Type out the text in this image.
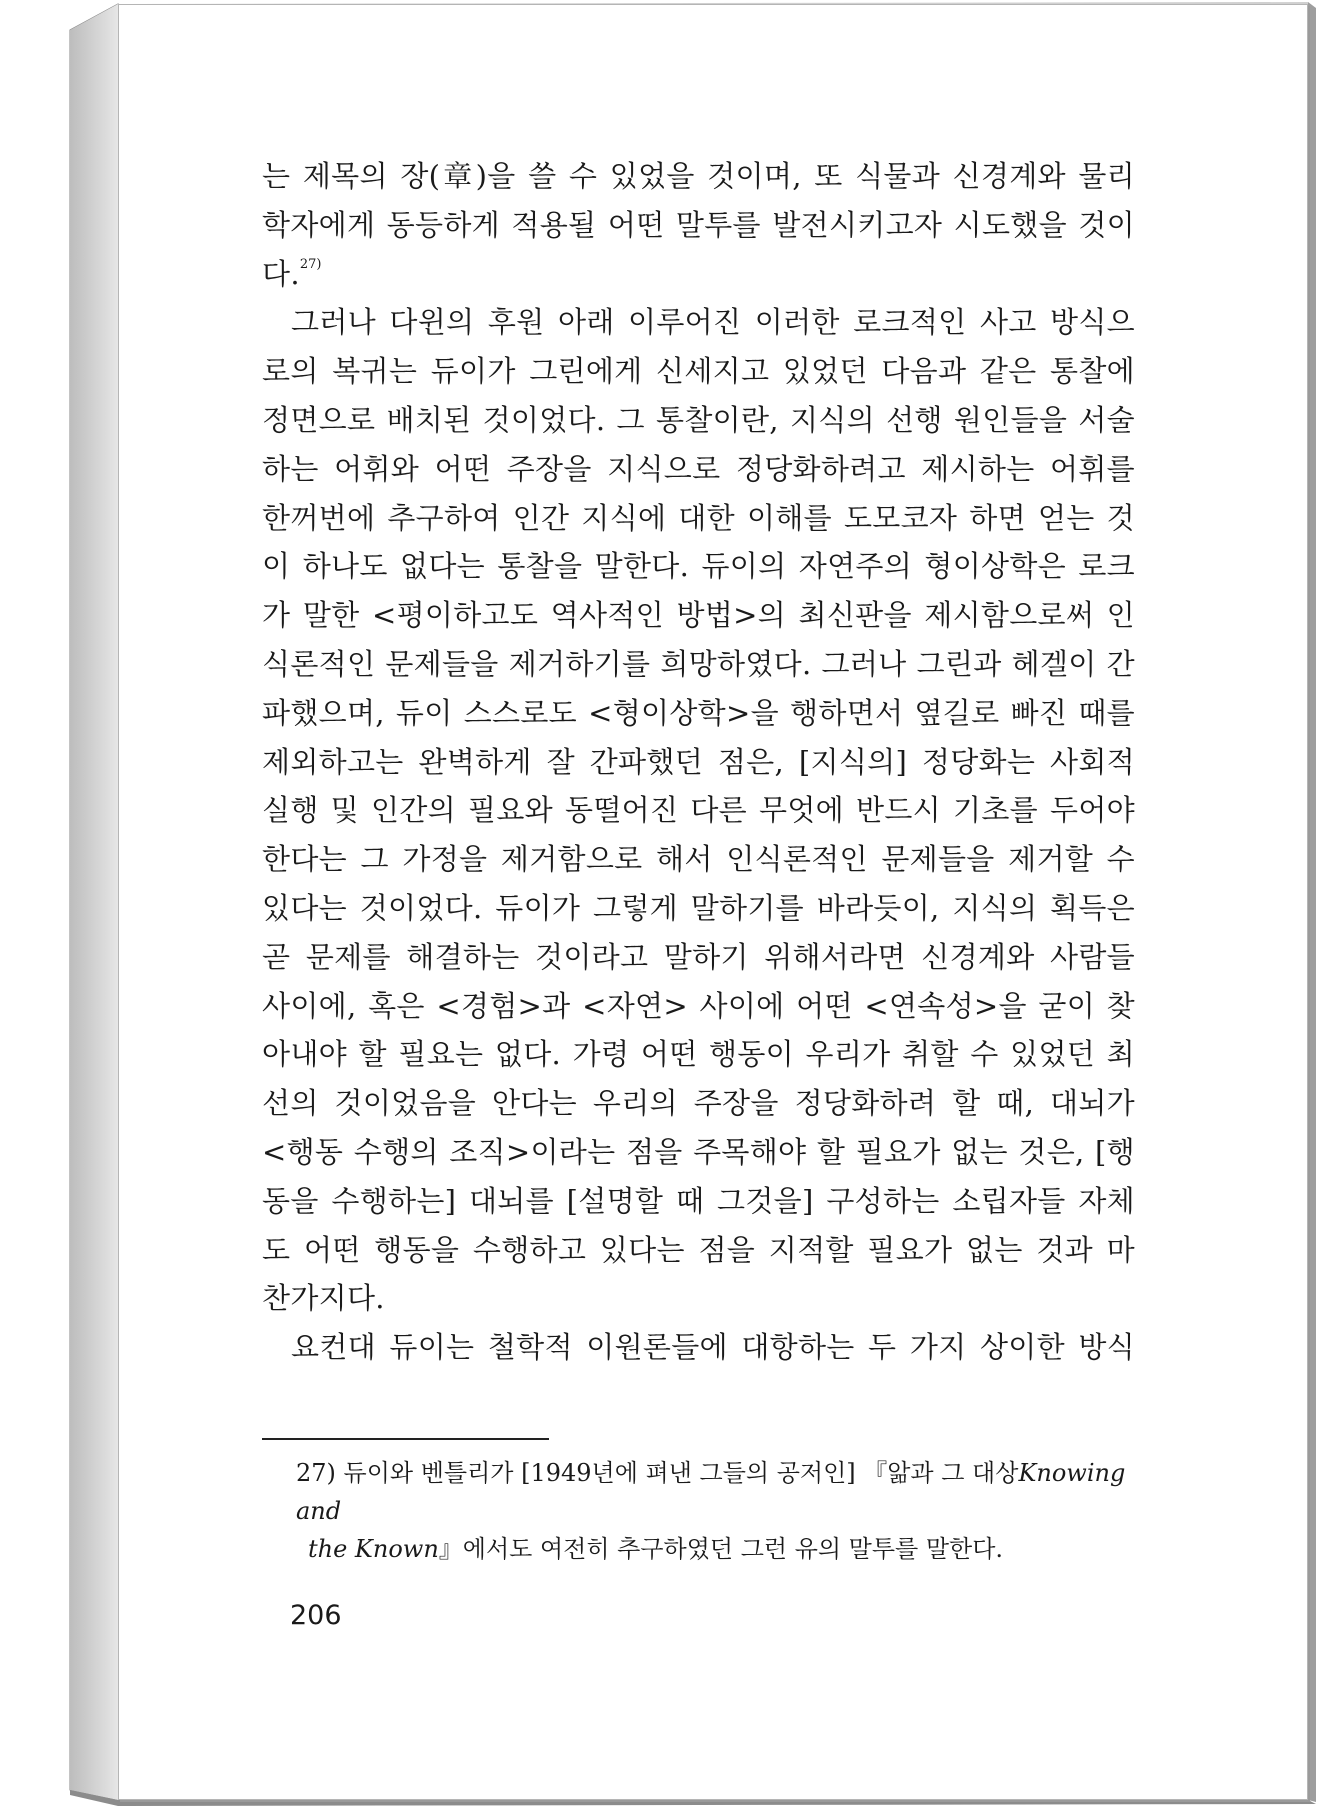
는 제목의 장(章)을 쓸 수 있었을 것이며, 또 식물과 신경계와 물리
학자에게 동등하게 적용될 어떤 말투를 발전시키고자 시도했을 것이
다.$^{27)}$

그러나 다윈의 후원 아래 이루어진 이러한 로크적인 사고 방식으
로의 복귀는 듀이가 그린에게 신세지고 있었던 다음과 같은 통찰에
정면으로 배치된 것이었다. 그 통찰이란, 지식의 선행 원인들을 서술
하는 어휘와 어떤 주장을 지식으로 정당화하려고 제시하는 어휘를
한꺼번에 추구하여 인간 지식에 대한 이해를 도모코자 하면 얻는 것
이 하나도 없다는 통찰을 말한다. 듀이의 자연주의 형이상학은 로크
가 말한 <평이하고도 역사적인 방법>의 최신판을 제시함으로써 인
식론적인 문제들을 제거하기를 희망하였다. 그러나 그린과 헤겔이 간
파했으며, 듀이 스스로도 <형이상학>을 행하면서 옆길로 빠진 때를
제외하고는 완벽하게 잘 간파했던 점은, [지식의] 정당화는 사회적
실행 및 인간의 필요와 동떨어진 다른 무엇에 반드시 기초를 두어야
한다는 그 가정을 제거함으로 해서 인식론적인 문제들을 제거할 수
있다는 것이었다. 듀이가 그렇게 말하기를 바라듯이, 지식의 획득은
곧 문제를 해결하는 것이라고 말하기 위해서라면 신경계와 사람들
사이에, 혹은 <경험>과 <자연> 사이에 어떤 <연속성>을 굳이 찾
아내야 할 필요는 없다. 가령 어떤 행동이 우리가 취할 수 있었던 최
선의 것이었음을 안다는 우리의 주장을 정당화하려 할 때, 대뇌가
<행동 수행의 조직>이라는 점을 주목해야 할 필요가 없는 것은, [행
동을 수행하는] 대뇌를 [설명할 때 그것을] 구성하는 소립자들 자체
도 어떤 행동을 수행하고 있다는 점을 지적할 필요가 없는 것과 마
찬가지다.

요컨대 듀이는 철학적 이원론들에 대항하는 두 가지 상이한 방식

27) 듀이와 벤틀리가 [1949년에 펴낸 그들의 공저인] 『앎과 그 대상Knowing and
the Known』에서도 여전히 추구하였던 그런 유의 말투를 말한다.
206
